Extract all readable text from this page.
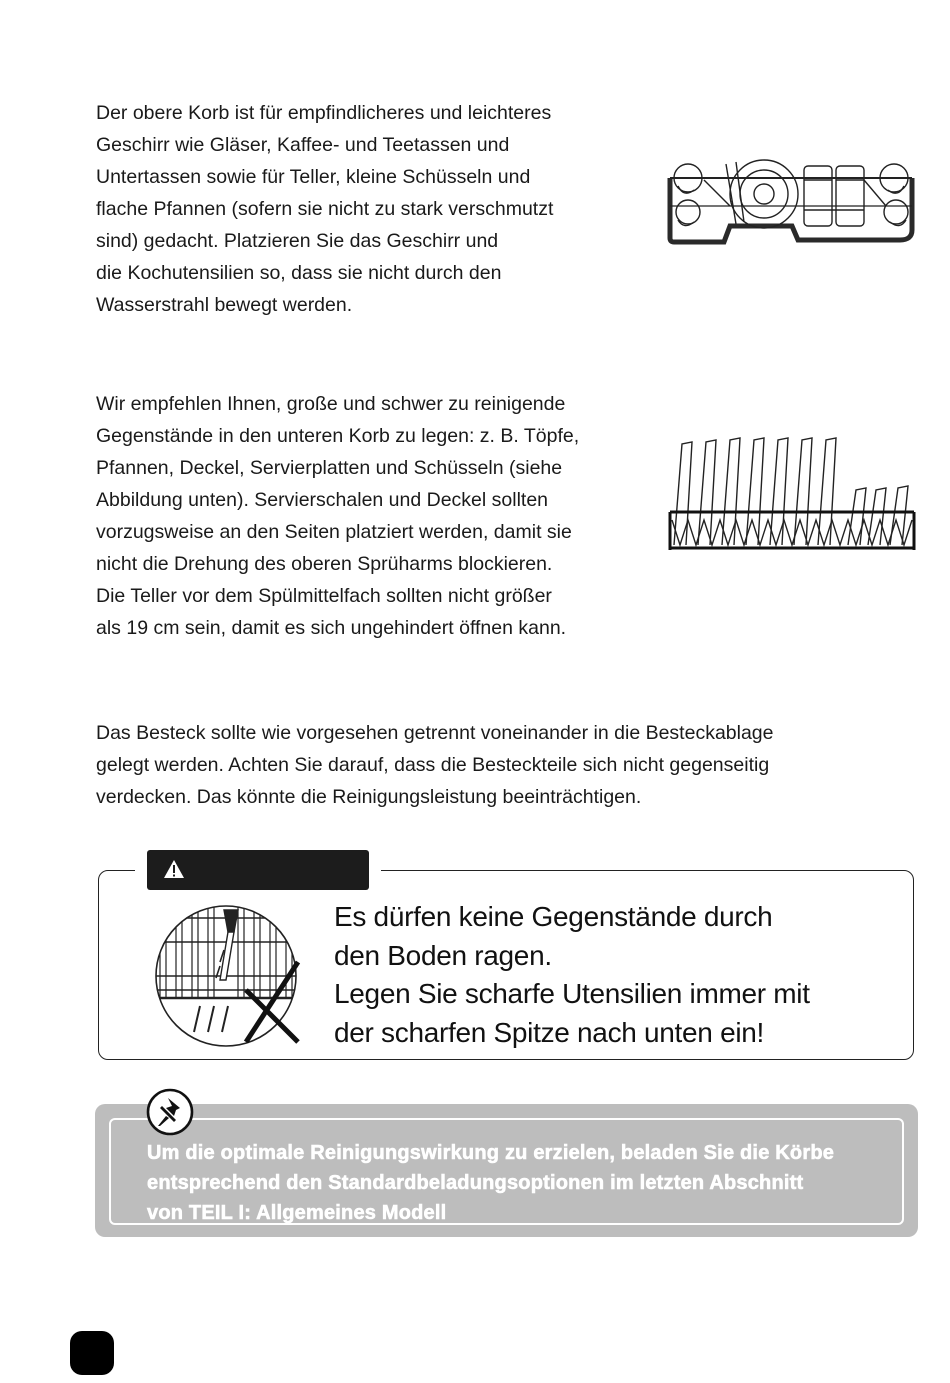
Der obere Korb ist für empfindlicheres und leichteres
Geschirr wie Gläser, Kaffee- und Teetassen und
Untertassen sowie für Teller, kleine Schüsseln und
flache Pfannen (sofern sie nicht zu stark verschmutzt
sind) gedacht. Platzieren Sie das Geschirr und
die Kochutensilien so, dass sie nicht durch den
Wasserstrahl bewegt werden.

Wir empfehlen Ihnen, große und schwer zu reinigende
Gegenstände in den unteren Korb zu legen: z. B. Töpfe,
Pfannen, Deckel, Servierplatten und Schüsseln (siehe
Abbildung unten). Servierschalen und Deckel sollten
vorzugsweise an den Seiten platziert werden, damit sie
nicht die Drehung des oberen Sprüharms blockieren.
Die Teller vor dem Spülmittelfach sollten nicht größer
als 19 cm sein, damit es sich ungehindert öffnen kann.

Das Besteck sollte wie vorgesehen getrennt voneinander in die Besteckablage
gelegt werden. Achten Sie darauf, dass die Besteckteile sich nicht gegenseitig
verdecken. Das könnte die Reinigungsleistung beeinträchtigen.

Es dürfen keine Gegenstände durch
den Boden ragen.
Legen Sie scharfe Utensilien immer mit
der scharfen Spitze nach unten ein!
Um die optimale Reinigungswirkung zu erzielen, beladen Sie die Körbe
entsprechend den Standardbeladungsoptionen im letzten Abschnitt
von TEIL I: Allgemeines Modell
